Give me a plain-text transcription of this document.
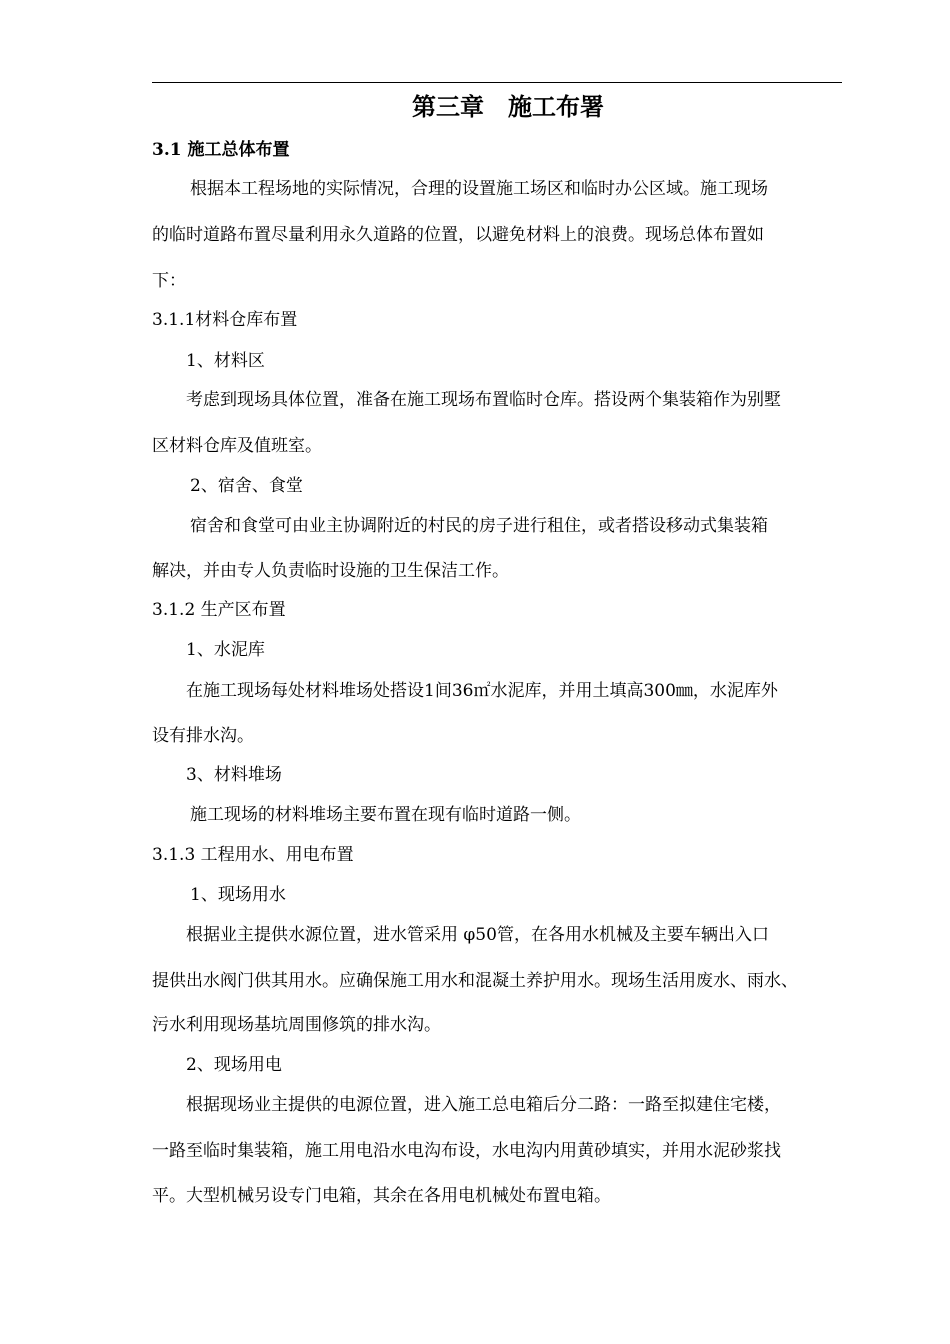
第三章　施工布署
3.1 施工总体布置
根据本工程场地的实际情况，合理的设置施工场区和临时办公区域。施工现场
的临时道路布置尽量利用永久道路的位置，以避免材料上的浪费。现场总体布置如
下：
3.1.1材料仓库布置
1、材料区
考虑到现场具体位置，准备在施工现场布置临时仓库。搭设两个集装箱作为别墅
区材料仓库及值班室。
2、宿舍、食堂
宿舍和食堂可由业主协调附近的村民的房子进行租住，或者搭设移动式集装箱
解决，并由专人负责临时设施的卫生保洁工作。
3.1.2 生产区布置
1、水泥库
在施工现场每处材料堆场处搭设1间36㎡水泥库，并用土填高300㎜，水泥库外
设有排水沟。
3、材料堆场
施工现场的材料堆场主要布置在现有临时道路一侧。
3.1.3 工程用水、用电布置
1、现场用水
根据业主提供水源位置，进水管采用 φ50管，在各用水机械及主要车辆出入口
提供出水阀门供其用水。应确保施工用水和混凝土养护用水。现场生活用废水、雨水、
污水利用现场基坑周围修筑的排水沟。
2、现场用电
根据现场业主提供的电源位置，进入施工总电箱后分二路：一路至拟建住宅楼，
一路至临时集装箱，施工用电沿水电沟布设，水电沟内用黄砂填实，并用水泥砂浆找
平。大型机械另设专门电箱，其余在各用电机械处布置电箱。
